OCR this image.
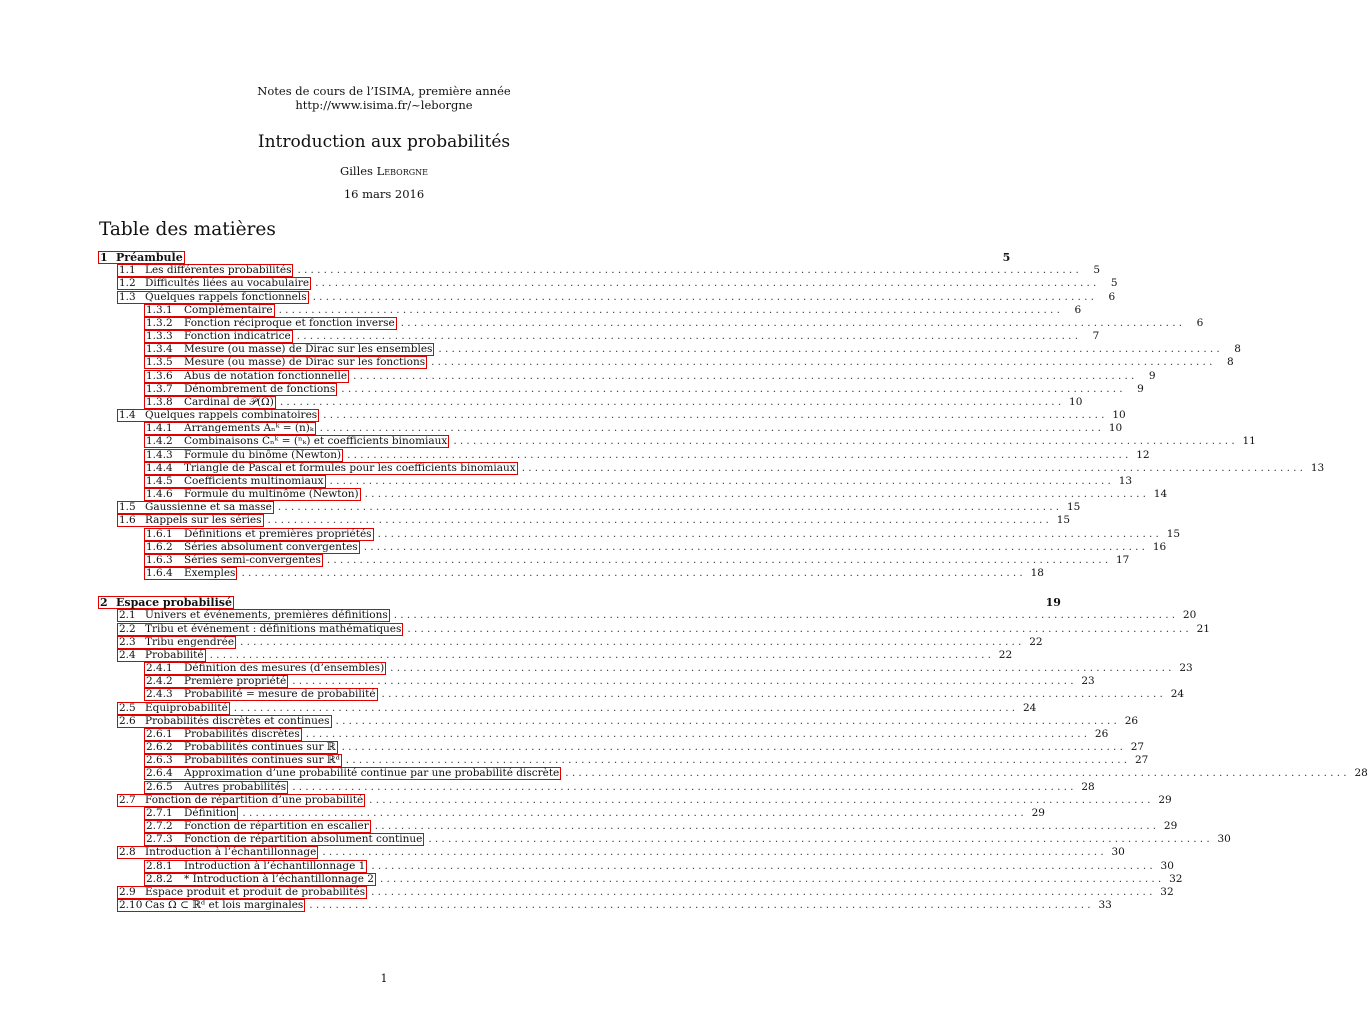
Notes de cours de l’ISIMA, première année
http://www.isima.fr/~leborgne
Introduction aux probabilités
Gilles Leborgne
16 mars 2016
Table des matières
1 Préambule	5
1.1 Les différentes probabilités ........................................................................................................................	5
1.2 Difficultés liées au vocabulaire ........................................................................................................................	5
1.3 Quelques rappels fonctionnels ........................................................................................................................	6
1.3.1	Complémentaire ........................................................................................................................	6
1.3.2	Fonction réciproque et fonction inverse ........................................................................................................................	6
1.3.3	Fonction indicatrice ........................................................................................................................	7
1.3.4	Mesure (ou masse) de Dirac sur les ensembles ........................................................................................................................	8
1.3.5	Mesure (ou masse) de Dirac sur les fonctions ........................................................................................................................	8
1.3.6	Abus de notation fonctionnelle ........................................................................................................................	9
1.3.7	Dénombrement de fonctions ........................................................................................................................	9
1.3.8	Cardinal de 𝒫(Ω) ........................................................................................................................ 10
1.4 Quelques rappels combinatoires ........................................................................................................................ 10
1.4.1	Arrangements Aₙᵏ = (n)ₖ ........................................................................................................................ 10
1.4.2	Combinaisons Cₙᵏ = (ⁿₖ) et coefficients binomiaux ........................................................................................................................ 11
1.4.3	Formule du binôme (Newton) ........................................................................................................................ 12
1.4.4	Triangle de Pascal et formules pour les coefficients binomiaux ........................................................................................................................ 13
1.4.5	Coefficients multinomiaux ........................................................................................................................ 13
1.4.6	Formule du multinôme (Newton) ........................................................................................................................ 14
1.5 Gaussienne et sa masse ........................................................................................................................ 15
1.6 Rappels sur les séries ........................................................................................................................ 15
1.6.1	Définitions et premières propriétés ........................................................................................................................ 15
1.6.2	Séries absolument convergentes ........................................................................................................................ 16
1.6.3	Séries semi-convergentes ........................................................................................................................ 17
1.6.4	Exemples ........................................................................................................................ 18
2 Espace probabilisé	19
2.1 Univers et événements, premières définitions ........................................................................................................................ 20
2.2 Tribu et événement : définitions mathématiques ........................................................................................................................ 21
2.3 Tribu engendrée ........................................................................................................................ 22
2.4 Probabilité ........................................................................................................................ 22
2.4.1	Définition des mesures (d’ensembles) ........................................................................................................................ 23
2.4.2	Première propriété ........................................................................................................................ 23
2.4.3	Probabilité = mesure de probabilité ........................................................................................................................ 24
2.5 Equiprobabilité ........................................................................................................................ 24
2.6 Probabilités discrètes et continues ........................................................................................................................ 26
2.6.1	Probabilités discrètes ........................................................................................................................ 26
2.6.2	Probabilités continues sur ℝ ........................................................................................................................ 27
2.6.3	Probabilités continues sur ℝᵈ ........................................................................................................................ 27
2.6.4	Approximation d’une probabilité continue par une probabilité discrète ........................................................................................................................ 28
2.6.5	Autres probabilités ........................................................................................................................ 28
2.7 Fonction de répartition d’une probabilité ........................................................................................................................ 29
2.7.1	Définition ........................................................................................................................ 29
2.7.2	Fonction de répartition en escalier ........................................................................................................................ 29
2.7.3	Fonction de répartition absolument continue ........................................................................................................................ 30
2.8 Introduction à l’échantillonnage ........................................................................................................................ 30
2.8.1	Introduction à l’échantillonnage 1 ........................................................................................................................ 30
2.8.2	* Introduction à l’échantillonnage 2 ........................................................................................................................ 32
2.9 Espace produit et produit de probabilités ........................................................................................................................ 32
2.10 Cas Ω ⊂ ℝᵈ et lois marginales ........................................................................................................................ 33
1
